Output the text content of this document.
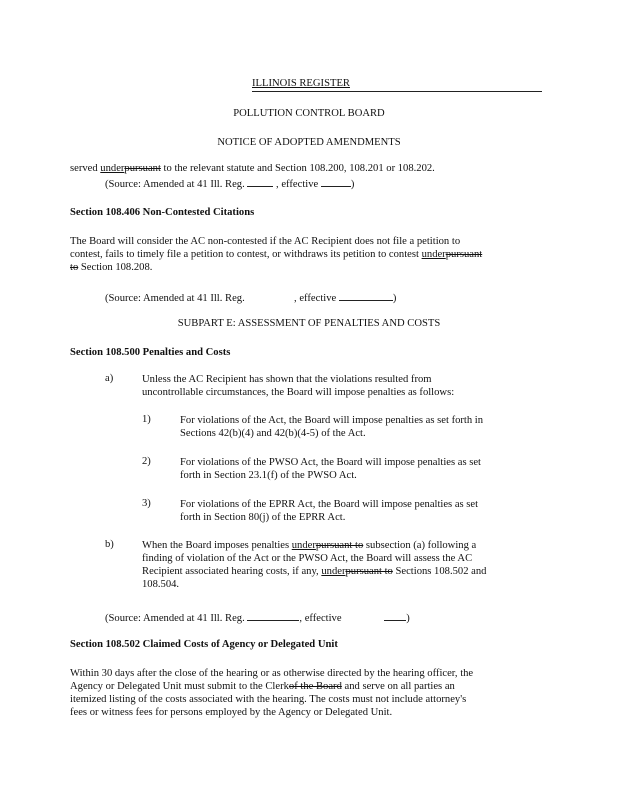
ILLINOIS REGISTER
POLLUTION CONTROL BOARD
NOTICE OF ADOPTED AMENDMENTS
served underpursuant to the relevant statute and Section 108.200, 108.201 or 108.202.
(Source: Amended at 41 Ill. Reg.  , effective	)
Section 108.406 Non-Contested Citations
The Board will consider the AC non-contested if the AC Recipient does not file a petition to
contest, fails to timely file a petition to contest, or withdraws its petition to contest underpursuant
to Section 108.208.
(Source: Amended at 41 Ill. Reg.	, effective	)
SUBPART E: ASSESSMENT OF PENALTIES AND COSTS
Section 108.500 Penalties and Costs
a)	Unless the AC Recipient has shown that the violations resulted from
uncontrollable circumstances, the Board will impose penalties as follows:
1)	For violations of the Act, the Board will impose penalties as set forth in
Sections 42(b)(4) and 42(b)(4-5) of the Act.
2)	For violations of the PWSO Act, the Board will impose penalties as set
forth in Section 23.1(f) of the PWSO Act.
3)	For violations of the EPRR Act, the Board will impose penalties as set
forth in Section 80(j) of the EPRR Act.
b)	When the Board imposes penalties underpursuant to subsection (a) following a
finding of violation of the Act or the PWSO Act, the Board will assess the AC
Recipient associated hearing costs, if any, underpursuant to Sections 108.502 and
108.504.
(Source: Amended at 41 Ill. Reg.	, effective	)
Section 108.502 Claimed Costs of Agency or Delegated Unit
Within 30 days after the close of the hearing or as otherwise directed by the hearing officer, the
Agency or Delegated Unit must submit to the Clerkof the Board and serve on all parties an
itemized listing of the costs associated with the hearing. The costs must not include attorney's
fees or witness fees for persons employed by the Agency or Delegated Unit.
